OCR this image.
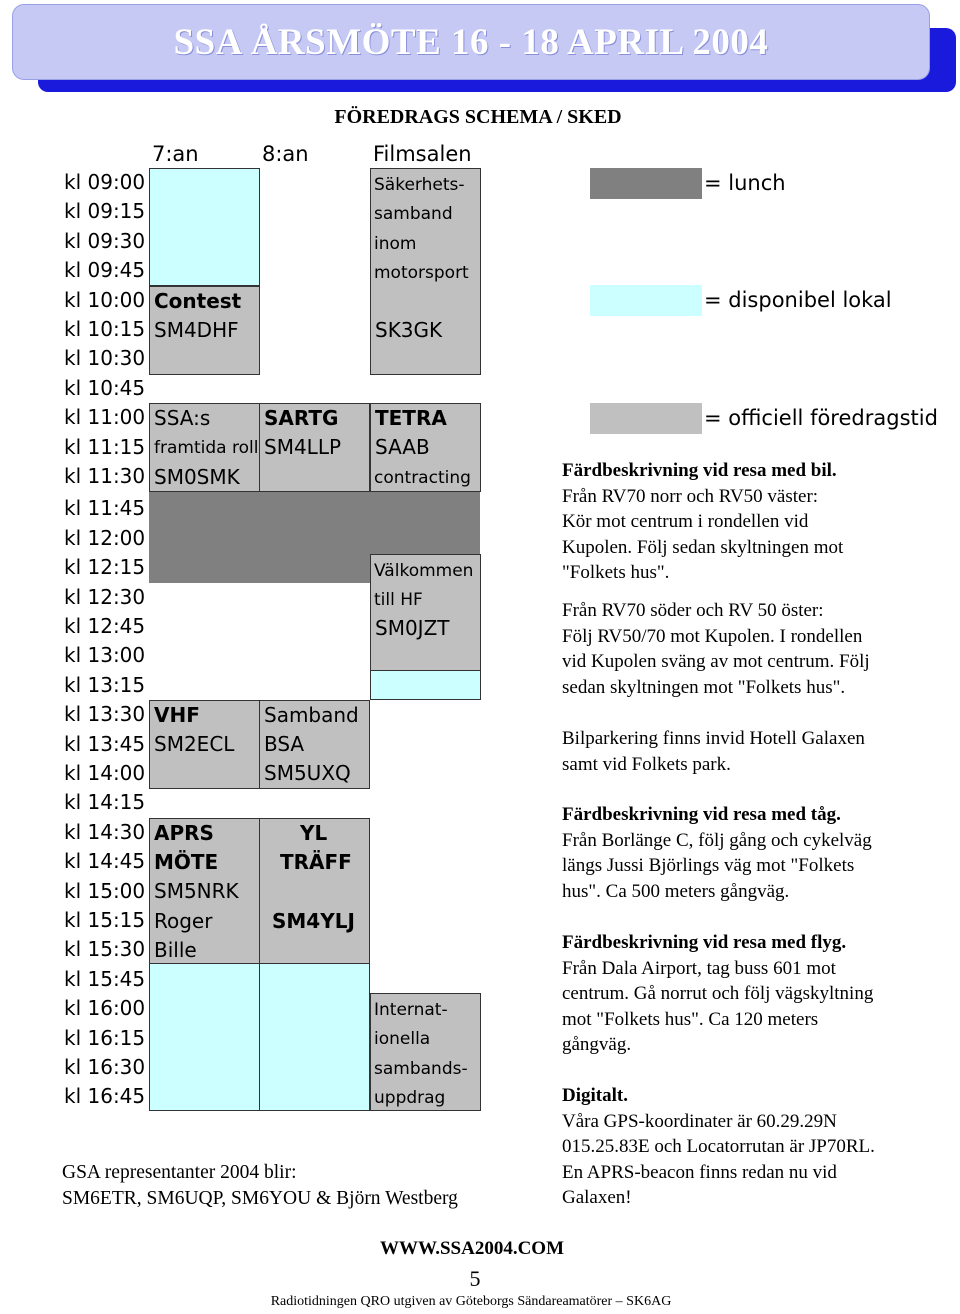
SSA ÅRSMÖTE 16 - 18 APRIL 2004
FÖREDRAGS SCHEMA / SKED
7:an	8:an	Filmsalen
kl 09:00
kl 09:15
kl 09:30
kl 09:45
kl 10:00
kl 10:15
kl 10:30
kl 10:45
kl 11:00
kl 11:15
kl 11:30
kl 11:45
kl 12:00
kl 12:15
kl 12:30
kl 12:45
kl 13:00
kl 13:15
kl 13:30
kl 13:45
kl 14:00
kl 14:15
kl 14:30
kl 14:45
kl 15:00
kl 15:15
kl 15:30
kl 15:45
kl 16:00
kl 16:15
kl 16:30
kl 16:45
Contest
SM4DHF
SSA:s
framtida roll
SM0SMK
VHF
SM2ECL
APRS
MÖTE
SM5NRK
Roger
Bille
SARTG
SM4LLP
Samband
BSA
SM5UXQ
YL
TRÄFF
SM4YLJ
Säkerhets-
samband
inom
motorsport
SK3GK
TETRA
SAAB
contracting
Välkommen
till HF
SM0JZT
Internat-
ionella
sambands-
uppdrag
= lunch
= disponibel lokal
= officiell föredragstid
Färdbeskrivning vid resa med bil.
Från RV70 norr och RV50 väster:
Kör mot centrum i rondellen vid
Kupolen. Följ sedan skyltningen mot
"Folkets hus".
Från RV70 söder och RV 50 öster:
Följ RV50/70 mot Kupolen. I rondellen
vid Kupolen sväng av mot centrum. Följ
sedan skyltningen mot "Folkets hus".
Bilparkering finns invid Hotell Galaxen
samt vid Folkets park.
Färdbeskrivning vid resa med tåg.
Från Borlänge C, följ gång och cykelväg
längs Jussi Björlings väg mot "Folkets
hus". Ca 500 meters gångväg.
Färdbeskrivning vid resa med flyg.
Från Dala Airport, tag buss 601 mot
centrum. Gå norrut och följ vägskyltning
mot "Folkets hus". Ca 120 meters
gångväg.
Digitalt.
Våra GPS-koordinater är 60.29.29N
015.25.83E och Locatorrutan är JP70RL.
En APRS-beacon finns redan nu vid
Galaxen!
GSA representanter 2004 blir:
SM6ETR, SM6UQP, SM6YOU & Björn Westberg
WWW.SSA2004.COM
5
Radiotidningen QRO utgiven av Göteborgs Sändareamatörer – SK6AG
